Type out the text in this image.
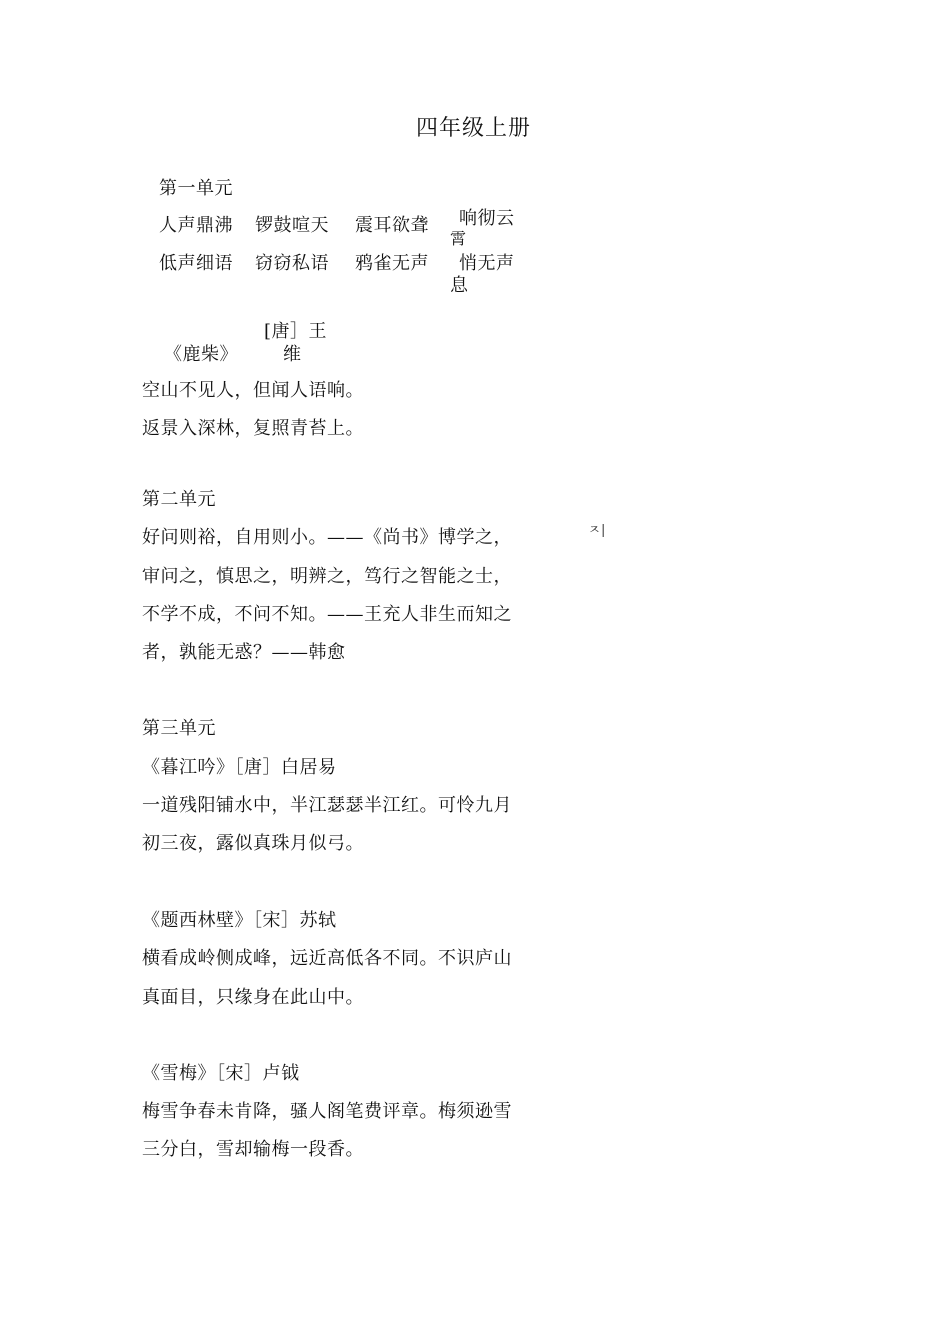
四年级上册
第一单元
人声鼎沸 锣鼓喧天 震耳欲聋 响彻云
霄
低声细语 窃窃私语 鸦雀无声 悄无声
息
[唐］王
《鹿柴》	维
空山不见人，但闻人语响。
返景入深林，复照青苔上。
第二单元
好问则裕，自用则小。——《尚书》博学之，	ㅈ|
审问之，慎思之，明辨之，笃行之智能之士，
不学不成，不问不知。——王充人非生而知之
者，孰能无惑？——韩愈
第三单元
《暮江吟》［唐］白居易
一道残阳铺水中，半江瑟瑟半江红。可怜九月
初三夜，露似真珠月似弓。
《题西林壁》［宋］苏轼
横看成岭侧成峰，远近高低各不同。不识庐山
真面目，只缘身在此山中。
《雪梅》［宋］卢钺
梅雪争春未肯降，骚人阁笔费评章。梅须逊雪
三分白，雪却输梅一段香。
